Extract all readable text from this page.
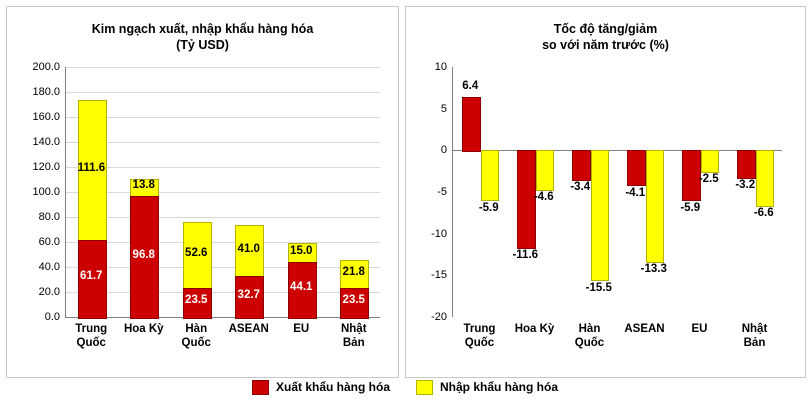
Kim ngạch xuất, nhập khẩu hàng hóa
(Tỷ USD)
0.0
20.0
40.0
60.0
80.0
100.0
120.0
140.0
160.0
180.0
200.0
111.6
61.7
13.8
96.8	52.6
23.5
41.0
32.7
15.0
44.1
21.8
23.5
Trung
Quốc
Hoa Kỳ	Hàn
Quốc
ASEAN	EU	Nhật
Bản
Tốc độ tăng/giảm
so với năm trước (%)
10
5
0
-5
-10
-15
-20
6.4
-5.9
-11.6
-4.6
-3.4
-15.5
-4.1
-13.3
-5.9
-2.5	-3.2
-6.6
Trung
Quốc
Hoa Kỳ	Hàn
Quốc
ASEAN	EU	Nhật
Bản
Xuất khẩu hàng hóa	Nhập khẩu hàng hóa
